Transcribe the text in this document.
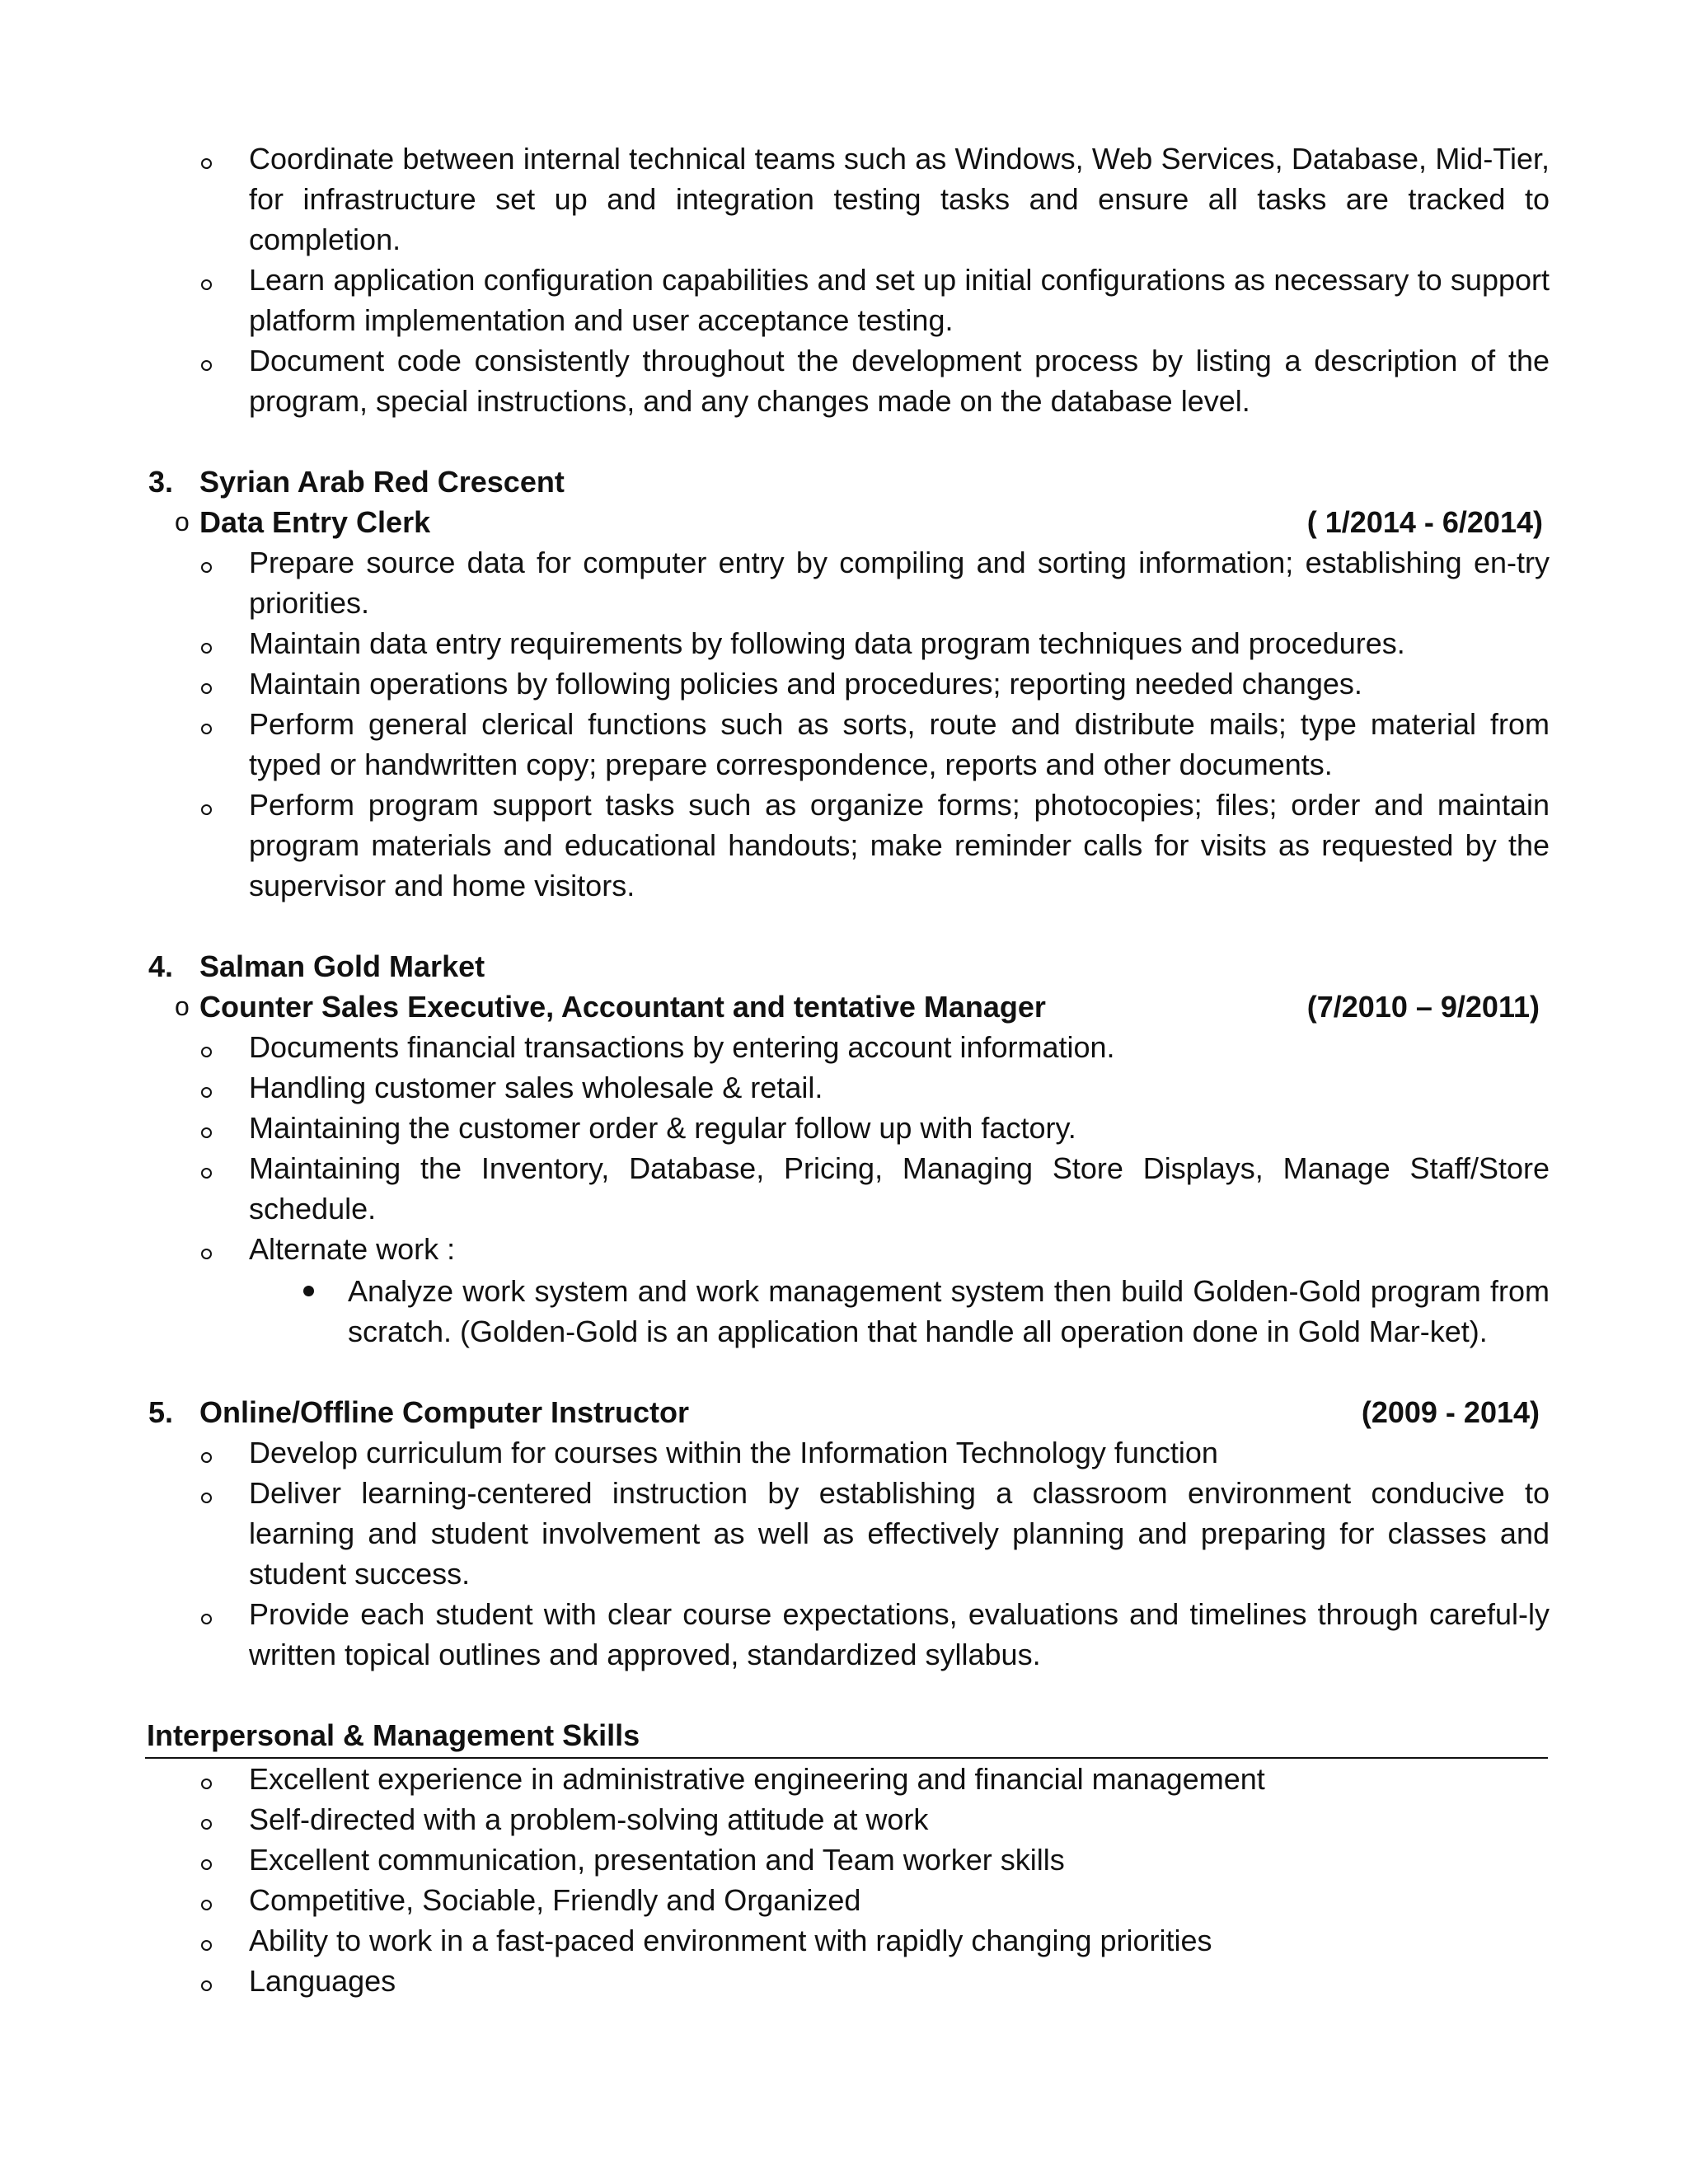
Coordinate between internal technical teams such as Windows, Web Services, Database, Mid-Tier, for infrastructure set up and integration testing tasks and ensure all tasks are tracked to completion.
Learn application configuration capabilities and set up initial configurations as necessary to support platform implementation and user acceptance testing.
Document code consistently throughout the development process by listing a description of the program, special instructions, and any changes made on the database level.
3. Syrian Arab Red Crescent
o Data Entry Clerk	( 1/2014 - 6/2014)
Prepare source data for computer entry by compiling and sorting information; establishing en-try priorities.
Maintain data entry requirements by following data program techniques and procedures.
Maintain operations by following policies and procedures; reporting needed changes.
Perform general clerical functions such as sorts, route and distribute mails; type material from typed or handwritten copy; prepare correspondence, reports and other documents.
Perform program support tasks such as organize forms; photocopies; files; order and maintain program materials and educational handouts; make reminder calls for visits as requested by the supervisor and home visitors.
4. Salman Gold Market
o Counter Sales Executive, Accountant and tentative Manager	(7/2010 – 9/2011)
Documents financial transactions by entering account information.
Handling customer sales wholesale & retail.
Maintaining the customer order & regular follow up with factory.
Maintaining the Inventory, Database, Pricing, Managing Store Displays, Manage Staff/Store schedule.
Alternate work :
Analyze work system and work management system then build Golden-Gold program from scratch. (Golden-Gold is an application that handle all operation done in Gold Mar-ket).
5. Online/Offline Computer Instructor	(2009 - 2014)
Develop curriculum for courses within the Information Technology function
Deliver learning-centered instruction by establishing a classroom environment conducive to learning and student involvement as well as effectively planning and preparing for classes and student success.
Provide each student with clear course expectations, evaluations and timelines through careful-ly written topical outlines and approved, standardized syllabus.
Interpersonal & Management Skills
Excellent experience in administrative engineering and financial management
Self-directed with a problem-solving attitude at work
Excellent communication, presentation and Team worker skills
Competitive, Sociable, Friendly and Organized
Ability to work in a fast-paced environment with rapidly changing priorities
Languages
